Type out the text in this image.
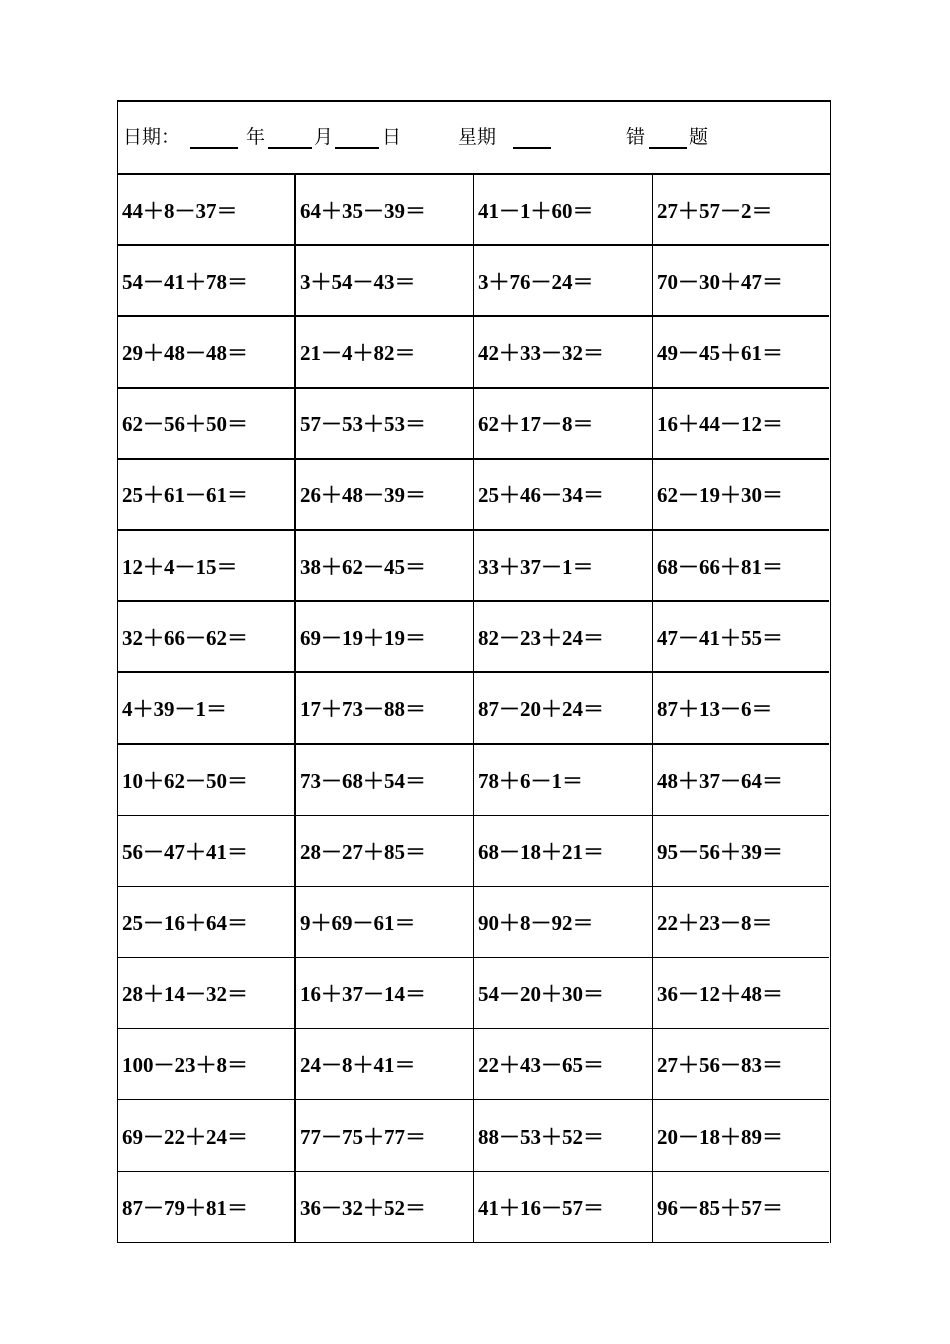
日期：	年	月	日	星期	错 题
44＋8－37＝	64＋35－39＝	41－1＋60＝	27＋57－2＝
54－41＋78＝	3＋54－43＝	3＋76－24＝	70－30＋47＝
29＋48－48＝	21－4＋82＝	42＋33－32＝	49－45＋61＝
62－56＋50＝	57－53＋53＝	62＋17－8＝	16＋44－12＝
25＋61－61＝	26＋48－39＝	25＋46－34＝	62－19＋30＝
12＋4－15＝	38＋62－45＝	33＋37－1＝	68－66＋81＝
32＋66－62＝	69－19＋19＝	82－23＋24＝	47－41＋55＝
4＋39－1＝	17＋73－88＝	87－20＋24＝	87＋13－6＝
10＋62－50＝	73－68＋54＝	78＋6－1＝	48＋37－64＝
56－47＋41＝	28－27＋85＝	68－18＋21＝	95－56＋39＝
25－16＋64＝	9＋69－61＝	90＋8－92＝	22＋23－8＝
28＋14－32＝	16＋37－14＝	54－20＋30＝	36－12＋48＝
100－23＋8＝	24－8＋41＝	22＋43－65＝	27＋56－83＝
69－22＋24＝	77－75＋77＝	88－53＋52＝	20－18＋89＝
87－79＋81＝	36－32＋52＝	41＋16－57＝	96－85＋57＝
